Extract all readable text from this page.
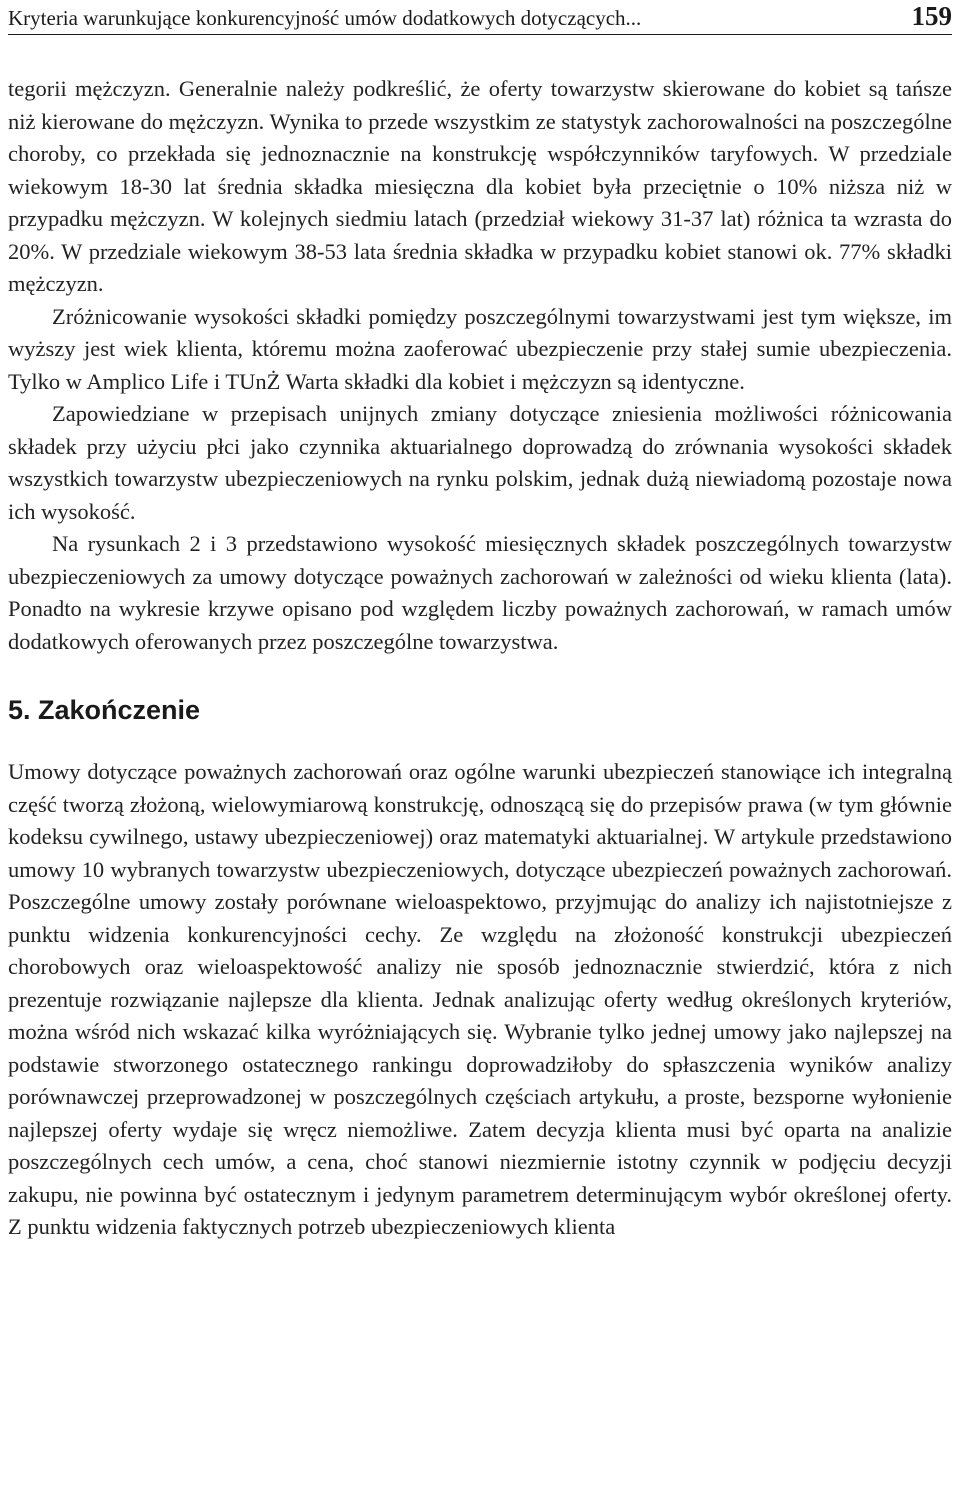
Kryteria warunkujące konkurencyjność umów dodatkowych dotyczących...	159

tegorii mężczyzn. Generalnie należy podkreślić, że oferty towarzystw skierowane do kobiet są tańsze niż kierowane do mężczyzn. Wynika to przede wszystkim ze statystyk zachorowalności na poszczególne choroby, co przekłada się jednoznacznie na konstrukcję współczynników taryfowych. W przedziale wiekowym 18-30 lat średnia składka miesięczna dla kobiet była przeciętnie o 10% niższa niż w przypadku mężczyzn. W kolejnych siedmiu latach (przedział wiekowy 31-37 lat) różnica ta wzrasta do 20%. W przedziale wiekowym 38-53 lata średnia składka w przypadku kobiet stanowi ok. 77% składki mężczyzn.

Zróżnicowanie wysokości składki pomiędzy poszczególnymi towarzystwami jest tym większe, im wyższy jest wiek klienta, któremu można zaoferować ubezpieczenie przy stałej sumie ubezpieczenia. Tylko w Amplico Life i TUnŻ Warta składki dla kobiet i mężczyzn są identyczne.

Zapowiedziane w przepisach unijnych zmiany dotyczące zniesienia możliwości różnicowania składek przy użyciu płci jako czynnika aktuarialnego doprowadzą do zrównania wysokości składek wszystkich towarzystw ubezpieczeniowych na rynku polskim, jednak dużą niewiadomą pozostaje nowa ich wysokość.

Na rysunkach 2 i 3 przedstawiono wysokość miesięcznych składek poszczególnych towarzystw ubezpieczeniowych za umowy dotyczące poważnych zachorowań w zależności od wieku klienta (lata). Ponadto na wykresie krzywe opisano pod względem liczby poważnych zachorowań, w ramach umów dodatkowych oferowanych przez poszczególne towarzystwa.

5. Zakończenie

Umowy dotyczące poważnych zachorowań oraz ogólne warunki ubezpieczeń stanowiące ich integralną część tworzą złożoną, wielowymiarową konstrukcję, odnoszącą się do przepisów prawa (w tym głównie kodeksu cywilnego, ustawy ubezpieczeniowej) oraz matematyki aktuarialnej. W artykule przedstawiono umowy 10 wybranych towarzystw ubezpieczeniowych, dotyczące ubezpieczeń poważnych zachorowań. Poszczególne umowy zostały porównane wieloaspektowo, przyjmując do analizy ich najistotniejsze z punktu widzenia konkurencyjności cechy. Ze względu na złożoność konstrukcji ubezpieczeń chorobowych oraz wieloaspektowość analizy nie sposób jednoznacznie stwierdzić, która z nich prezentuje rozwiązanie najlepsze dla klienta. Jednak analizując oferty według określonych kryteriów, można wśród nich wskazać kilka wyróżniających się. Wybranie tylko jednej umowy jako najlepszej na podstawie stworzonego ostatecznego rankingu doprowadziłoby do spłaszczenia wyników analizy porównawczej przeprowadzonej w poszczególnych częściach artykułu, a proste, bezsporne wyłonienie najlepszej oferty wydaje się wręcz niemożliwe. Zatem decyzja klienta musi być oparta na analizie poszczególnych cech umów, a cena, choć stanowi niezmiernie istotny czynnik w podjęciu decyzji zakupu, nie powinna być ostatecznym i jedynym parametrem determinującym wybór określonej oferty. Z punktu widzenia faktycznych potrzeb ubezpieczeniowych klienta
